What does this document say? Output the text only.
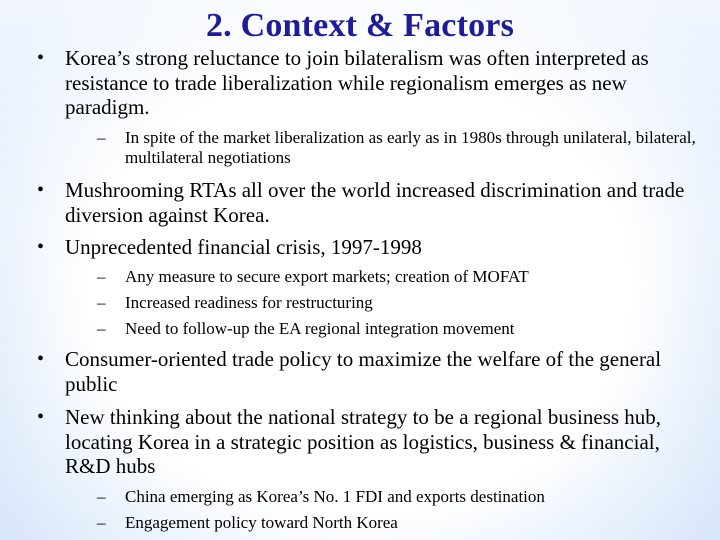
2. Context & Factors
• Korea’s strong reluctance to join bilateralism was often interpreted as resistance to trade liberalization while regionalism emerges as new paradigm.
– In spite of the market liberalization as early as in 1980s through unilateral, bilateral, multilateral negotiations
• Mushrooming RTAs all over the world increased discrimination and trade diversion against Korea.
• Unprecedented financial crisis, 1997-1998
– Any measure to secure export markets; creation of MOFAT
– Increased readiness for restructuring
– Need to follow-up the EA regional integration movement
• Consumer-oriented trade policy to maximize the welfare of the general public
• New thinking about the national strategy to be a regional business hub, locating Korea in a strategic position as logistics, business & financial, R&D hubs
– China emerging as Korea’s No. 1 FDI and exports destination
– Engagement policy toward North Korea
